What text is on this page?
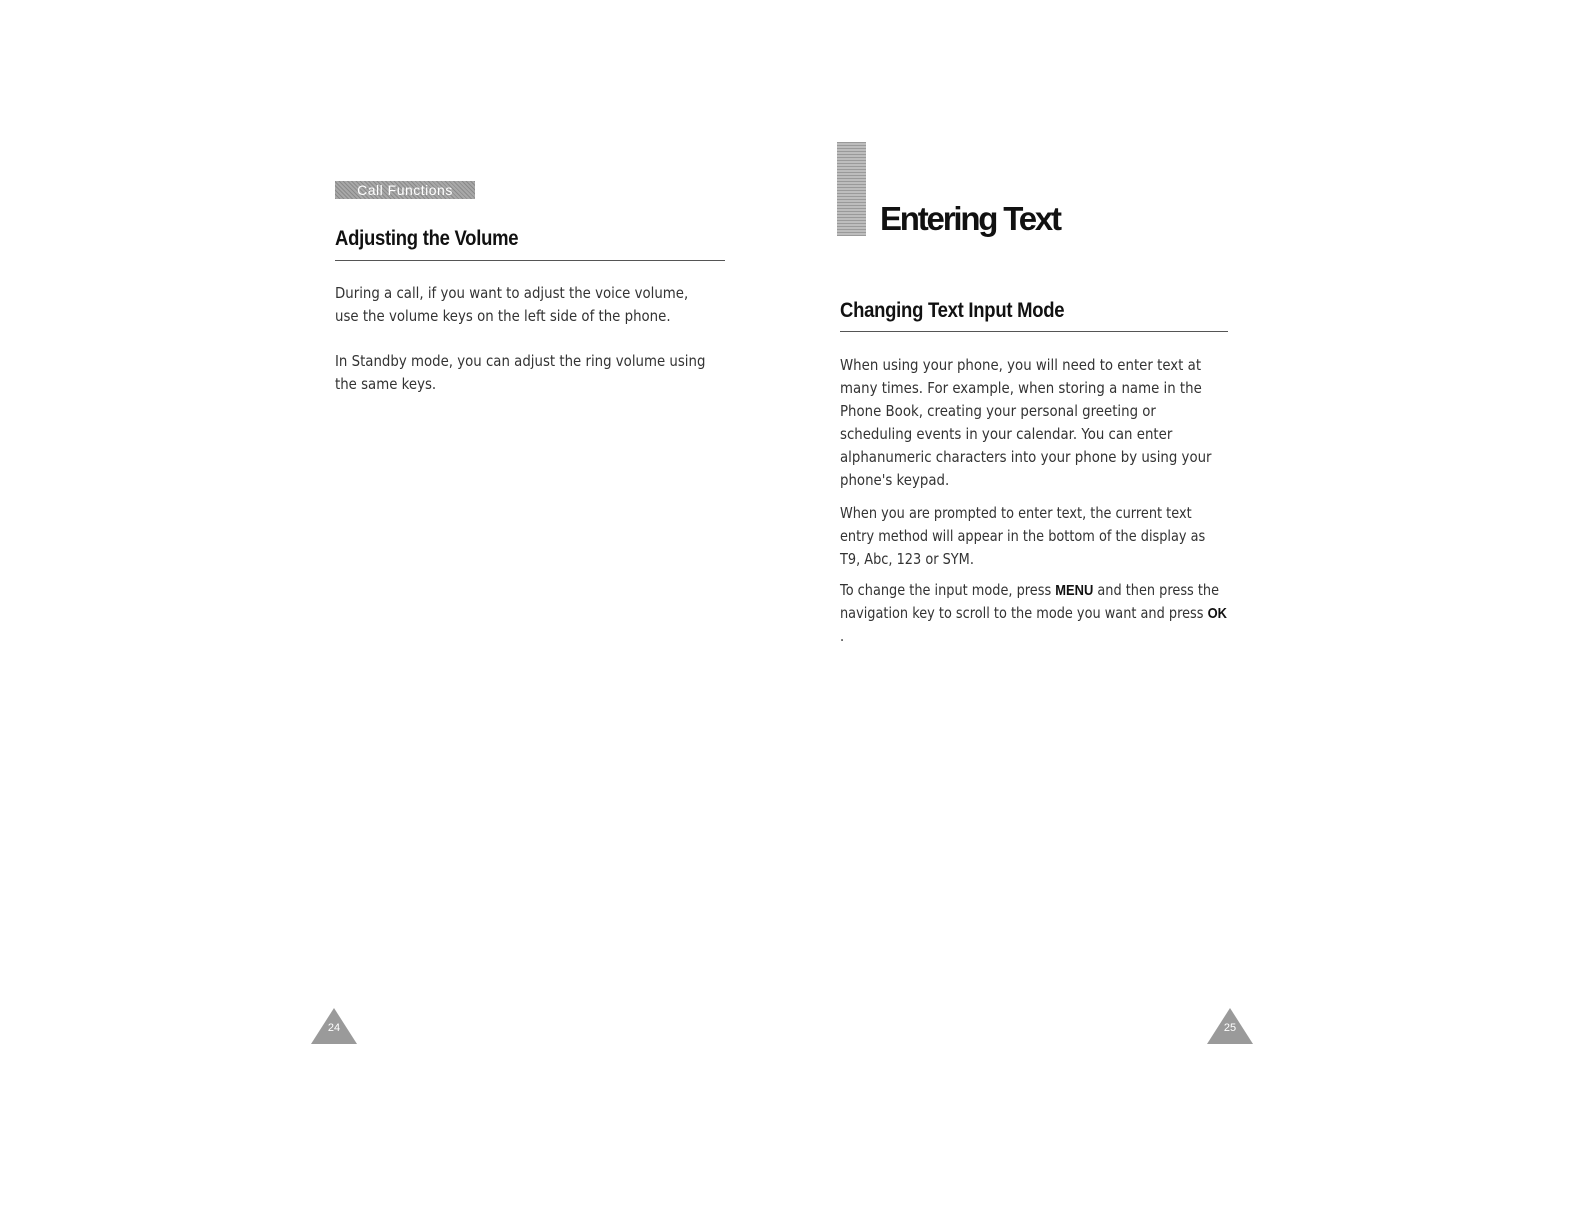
Call Functions
Adjusting the Volume

During a call, if you want to adjust the voice volume, use the volume keys on the left side of the phone.

In Standby mode, you can adjust the ring volume using the same keys.

24
Entering Text
Changing Text Input Mode

When using your phone, you will need to enter text at many times. For example, when storing a name in the Phone Book, creating your personal greeting or scheduling events in your calendar. You can enter alphanumeric characters into your phone by using your phone's keypad.

When you are prompted to enter text, the current text entry method will appear in the bottom of the display as T9, Abc, 123 or SYM.

To change the input mode, press MENU and then press the navigation key to scroll to the mode you want and press OK .

25
